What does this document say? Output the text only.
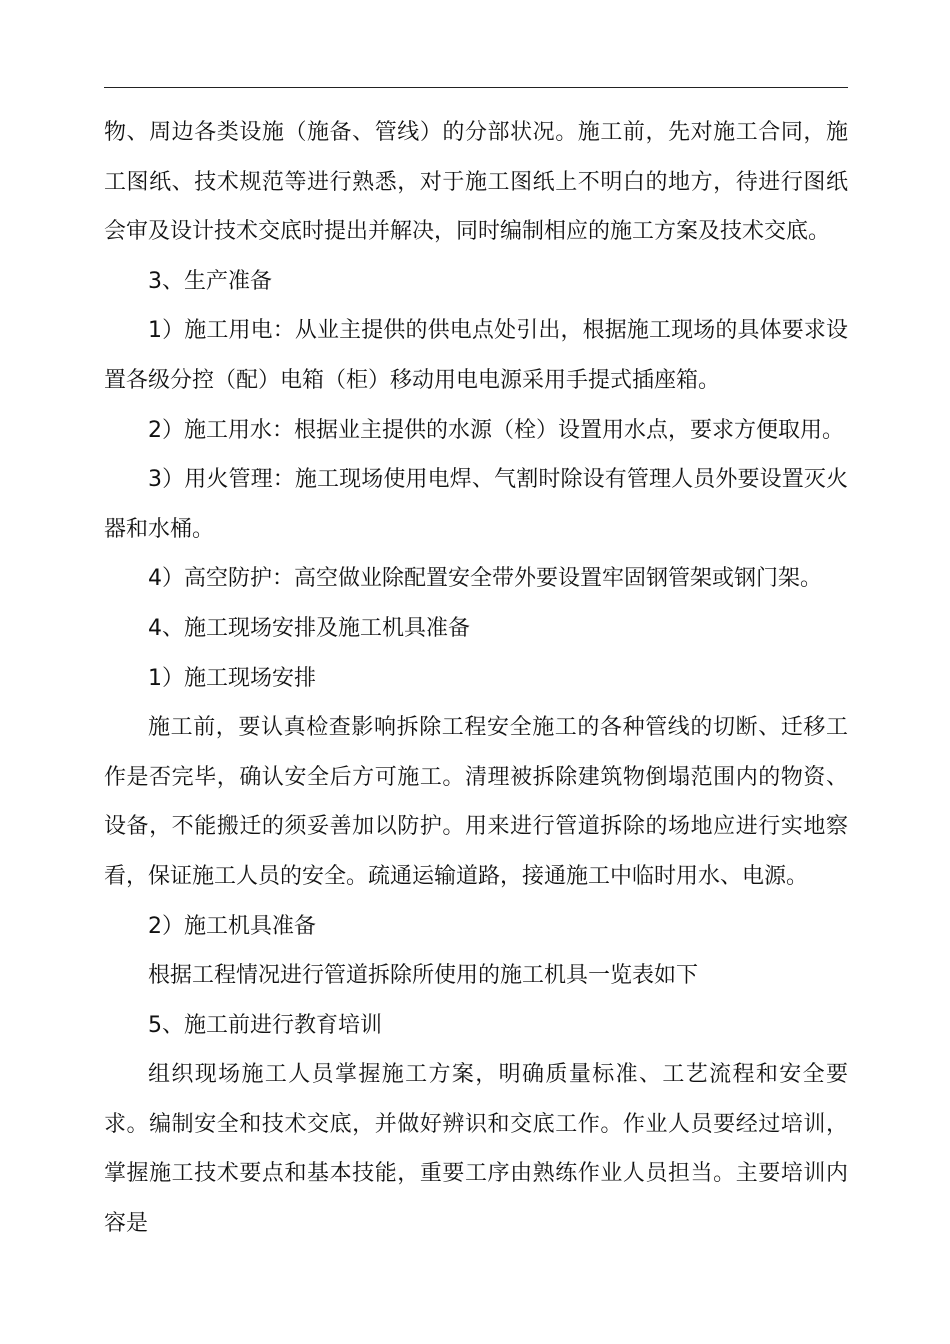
物、周边各类设施（施备、管线）的分部状况。施工前，先对施工合同，施工图纸、技术规范等进行熟悉，对于施工图纸上不明白的地方，待进行图纸会审及设计技术交底时提出并解决，同时编制相应的施工方案及技术交底。

3、生产准备

1）施工用电：从业主提供的供电点处引出，根据施工现场的具体要求设置各级分控（配）电箱（柜）移动用电电源采用手提式插座箱。

2）施工用水：根据业主提供的水源（栓）设置用水点，要求方便取用。

3）用火管理：施工现场使用电焊、气割时除设有管理人员外要设置灭火器和水桶。

4）高空防护：高空做业除配置安全带外要设置牢固钢管架或钢门架。

4、施工现场安排及施工机具准备

1）施工现场安排

施工前，要认真检查影响拆除工程安全施工的各种管线的切断、迁移工作是否完毕，确认安全后方可施工。清理被拆除建筑物倒塌范围内的物资、设备，不能搬迁的须妥善加以防护。用来进行管道拆除的场地应进行实地察看，保证施工人员的安全。疏通运输道路，接通施工中临时用水、电源。

2）施工机具准备

根据工程情况进行管道拆除所使用的施工机具一览表如下

5、施工前进行教育培训

组织现场施工人员掌握施工方案，明确质量标准、工艺流程和安全要求。编制安全和技术交底，并做好辨识和交底工作。作业人员要经过培训，掌握施工技术要点和基本技能，重要工序由熟练作业人员担当。主要培训内容是
